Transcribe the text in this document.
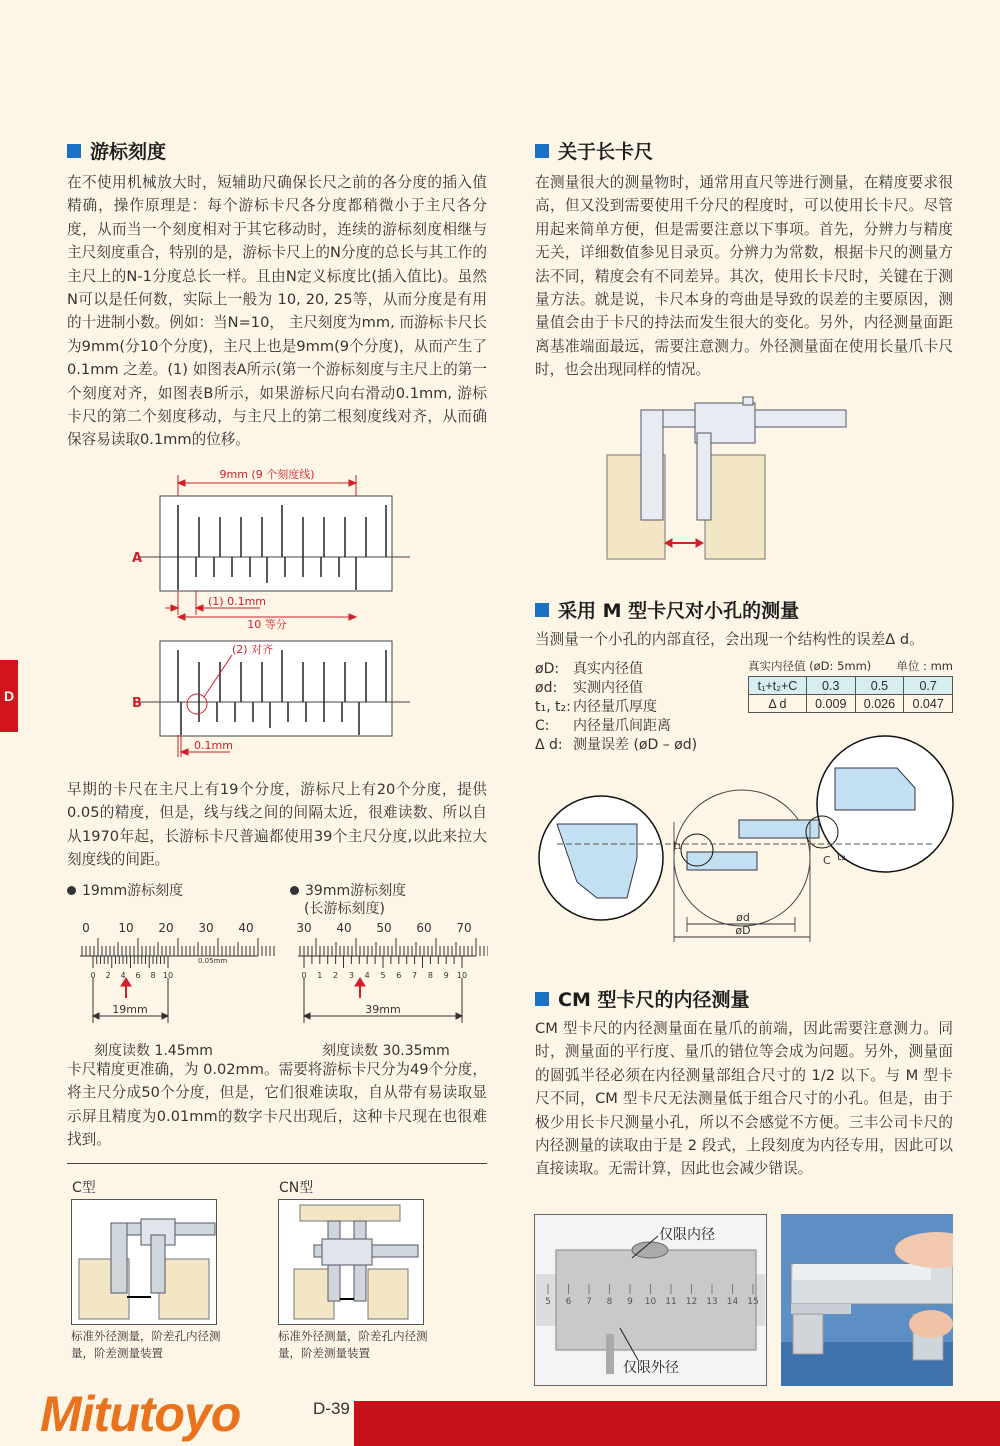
D
游标刻度

在不使用机械放大时，短辅助尺确保长尺之前的各分度的插入值精确，操作原理是：每个游标卡尺各分度都稍微小于主尺各分度，从而当一个刻度相对于其它移动时，连续的游标刻度相继与主尺刻度重合，特别的是，游标卡尺上的N分度的总长与其工作的主尺上的N-1分度总长一样。且由N定义标度比(插入值比)。虽然N可以是任何数，实际上一般为 10, 20, 25等，从而分度是有用的十进制小数。例如：当N=10， 主尺刻度为mm, 而游标卡尺长为9mm(分10个分度)，主尺上也是9mm(9个分度)，从而产生了0.1mm 之差。(1) 如图表A所示(第一个游标刻度与主尺上的第一个刻度对齐，如图表B所示，如果游标尺向右滑动0.1mm, 游标卡尺的第二个刻度移动，与主尺上的第二根刻度线对齐，从而确保容易读取0.1mm的位移。

9mm (9 个刻度线)
A
(1) 0.1mm
10 等分
(2) 对齐
B
0.1mm

早期的卡尺在主尺上有19个分度，游标尺上有20个分度，提供0.05的精度，但是，线与线之间的间隔太近，很难读数、所以自从1970年起，长游标卡尺普遍都使用39个主尺分度,以此来拉大刻度线的间距。

19mm游标刻度
0 10 20 30 40
0 2 4 6 8 10
0.05mm
19mm
刻度读数 1.45mm
39mm游标刻度
(长游标刻度)
30 40 50 60 70
0 1 2 3 4 5 6 7 8 9 10
39mm
刻度读数 30.35mm

卡尺精度更准确，为 0.02mm。需要将游标卡尺分为49个分度，将主尺分成50个分度，但是，它们很难读取，自从带有易读取显示屏且精度为0.01mm的数字卡尺出现后，这种卡尺现在也很难找到。

C型
标准外径测量，阶差孔内径测量，阶差测量装置
CN型
标准外径测量，阶差孔内径测量，阶差测量装置
关于长卡尺

在测量很大的测量物时，通常用直尺等进行测量，在精度要求很高，但又没到需要使用千分尺的程度时，可以使用长卡尺。尽管用起来简单方便，但是需要注意以下事项。首先，分辨力与精度无关，详细数值参见目录页。分辨力为常数，根据卡尺的测量方法不同，精度会有不同差异。其次，使用长卡尺时，关键在于测量方法。就是说，卡尺本身的弯曲是导致的误差的主要原因，测量值会由于卡尺的持法而发生很大的变化。另外，内径测量面距离基准端面最远，需要注意测力。外径测量面在使用长量爪卡尺时，也会出现同样的情况。

采用 M 型卡尺对小孔的测量

当测量一个小孔的内部直径，会出现一个结构性的误差Δ d。

øD: 真实内径值
ød:	实测内径值
t₁, t₂: 内径量爪厚度
C:	内径量爪间距离
Δ d: 测量误差 (øD – ød)
真实内径值 (øD: 5mm) 单位 : mm
t₁+t₂+C	0.3	0.5	0.7
Δ d	0.009	0.026	0.047
t₁
t₂
C
ød
øD
CM 型卡尺的内径测量

CM 型卡尺的内径测量面在量爪的前端，因此需要注意测力。同时，测量面的平行度、量爪的错位等会成为问题。另外，测量面的圆弧半径必须在内径测量部组合尺寸的 1/2 以下。与 M 型卡尺不同，CM 型卡尺无法测量低于组合尺寸的小孔。但是，由于极少用长卡尺测量小孔，所以不会感觉不方便。三丰公司卡尺的内径测量的读取由于是 2 段式，上段刻度为内径专用，因此可以直接读取。无需计算，因此也会减少错误。

5 6 7 8 9 10 11 12 13 14 15
仅限内径
仅限外径
Mitutoyo	D-39
